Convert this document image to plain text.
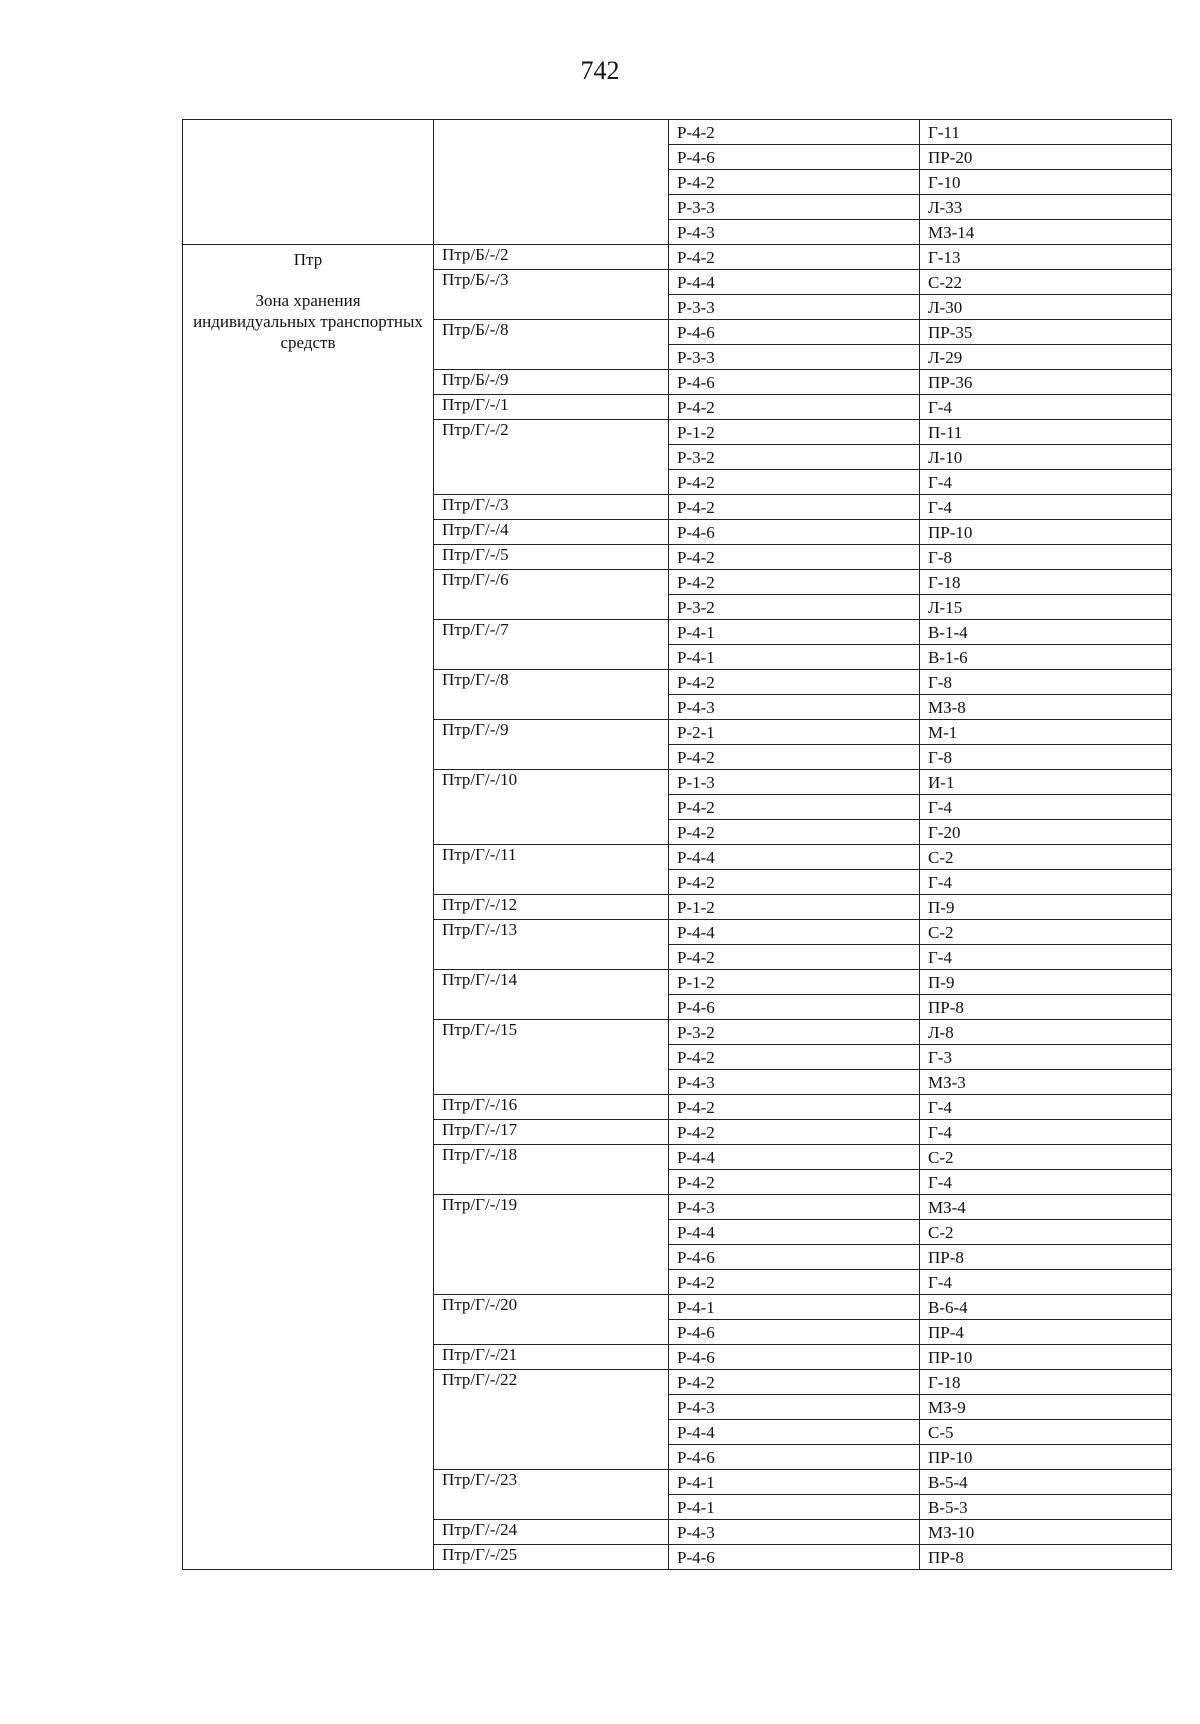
742
		Р-4-2	Г-11
		Р-4-6	ПР-20
		Р-4-2	Г-10
		Р-3-3	Л-33
		Р-4-3	МЗ-14

Птр
Зона хранения индивидуальных транспортных средств	Птр/Б/-/2	Р-4-2	Г-13
	Птр/Б/-/3	Р-4-4	С-22
		Р-3-3	Л-30
	Птр/Б/-/8	Р-4-6	ПР-35
		Р-3-3	Л-29
	Птр/Б/-/9	Р-4-6	ПР-36
	Птр/Г/-/1	Р-4-2	Г-4
	Птр/Г/-/2	Р-1-2	П-11
		Р-3-2	Л-10
		Р-4-2	Г-4
	Птр/Г/-/3	Р-4-2	Г-4
	Птр/Г/-/4	Р-4-6	ПР-10
	Птр/Г/-/5	Р-4-2	Г-8
	Птр/Г/-/6	Р-4-2	Г-18
		Р-3-2	Л-15
	Птр/Г/-/7	Р-4-1	В-1-4
		Р-4-1	В-1-6
	Птр/Г/-/8	Р-4-2	Г-8
		Р-4-3	МЗ-8
	Птр/Г/-/9	Р-2-1	М-1
		Р-4-2	Г-8
	Птр/Г/-/10	Р-1-3	И-1
		Р-4-2	Г-4
		Р-4-2	Г-20
	Птр/Г/-/11	Р-4-4	С-2
		Р-4-2	Г-4
	Птр/Г/-/12	Р-1-2	П-9
	Птр/Г/-/13	Р-4-4	С-2
		Р-4-2	Г-4
	Птр/Г/-/14	Р-1-2	П-9
		Р-4-6	ПР-8
	Птр/Г/-/15	Р-3-2	Л-8
		Р-4-2	Г-3
		Р-4-3	МЗ-3
	Птр/Г/-/16	Р-4-2	Г-4
	Птр/Г/-/17	Р-4-2	Г-4
	Птр/Г/-/18	Р-4-4	С-2
		Р-4-2	Г-4
	Птр/Г/-/19	Р-4-3	МЗ-4
		Р-4-4	С-2
		Р-4-6	ПР-8
		Р-4-2	Г-4
	Птр/Г/-/20	Р-4-1	В-6-4
		Р-4-6	ПР-4
	Птр/Г/-/21	Р-4-6	ПР-10
	Птр/Г/-/22	Р-4-2	Г-18
		Р-4-3	МЗ-9
		Р-4-4	С-5
		Р-4-6	ПР-10
	Птр/Г/-/23	Р-4-1	В-5-4
		Р-4-1	В-5-3
	Птр/Г/-/24	Р-4-3	МЗ-10
	Птр/Г/-/25	Р-4-6	ПР-8
